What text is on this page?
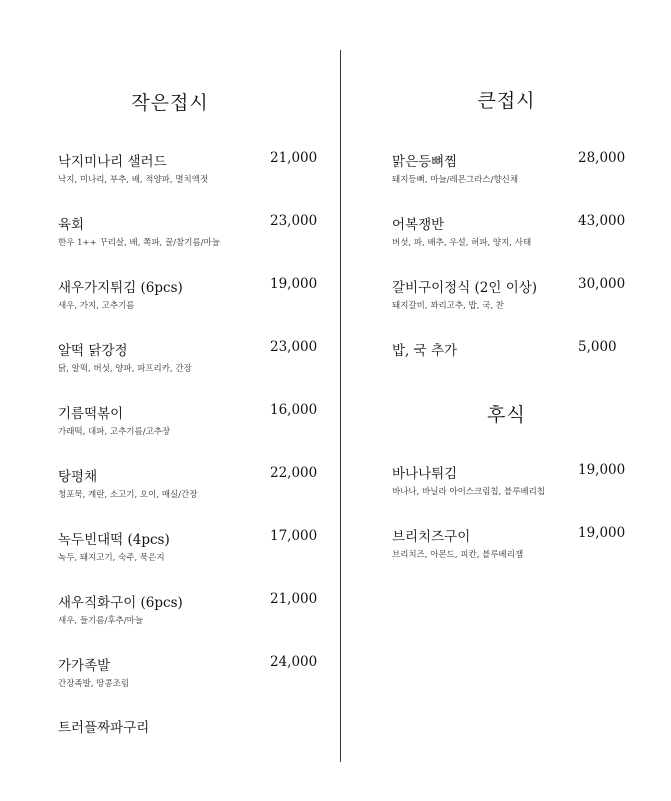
작은접시
낙지미나리 샐러드	21,000
낙지, 미나리, 부추, 배, 적양파, 멸치액젓
육회	23,000
한우 1++ 꾸리살, 배, 쪽파, 꿀/참기름/마늘
새우가지튀김 (6pcs)	19,000
새우, 가지, 고추기름
알떡 닭강정	23,000
닭, 알떡, 버섯, 양파, 파프리카, 간장
기름떡볶이	16,000
가래떡, 대파, 고추기름/고추장
탕평채	22,000
청포묵, 계란, 소고기, 오이, 매실/간장
녹두빈대떡 (4pcs)	17,000
녹두, 돼지고기, 숙주, 묵은지
새우직화구이 (6pcs)	21,000
새우, 들기름/후추/마늘
가가족발	24,000
간장족발, 땅콩조림
트러플짜파구리
큰접시
맑은등뼈찜	28,000
돼지등뼈, 마늘/레몬그라스/향신채
어복쟁반	43,000
버섯, 파, 배추, 우설, 허파, 양지, 사태
갈비구이정식 (2인 이상)	30,000
돼지갈비, 꽈리고추, 밥, 국, 찬
밥, 국 추가	5,000
후식
바나나튀김	19,000
바나나, 바닐라 아이스크림칩, 블루베리칩
브리치즈구이	19,000
브리치즈, 아몬드, 피칸, 블루베리잼
